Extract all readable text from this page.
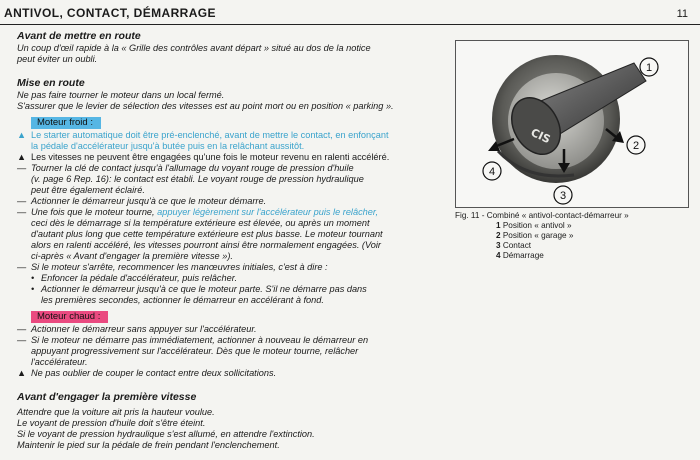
ANTIVOL, CONTACT, DÉMARRAGE	11
Avant de mettre en route
Un coup d'œil rapide à la « Grille des contrôles avant départ » situé au dos de la notice
peut éviter un oubli.
Mise en route
Ne pas faire tourner le moteur dans un local fermé.
S'assurer que le levier de sélection des vitesses est au point mort ou en position « parking ».
Moteur froid :
▲ Le starter automatique doit être pré-enclenché, avant de mettre le contact, en enfonçant
la pédale d'accélérateur jusqu'à butée puis en la relâchant aussitôt.
▲ Les vitesses ne peuvent être engagées qu'une fois le moteur revenu en ralenti accéléré.
— Tourner la clé de contact jusqu'à l'allumage du voyant rouge de pression d'huile
(v. page 6 Rep. 16): le contact est établi. Le voyant rouge de pression hydraulique
peut être également éclairé.
— Actionner le démarreur jusqu'à ce que le moteur démarre.
— Une fois que le moteur tourne, appuyer légèrement sur l'accélérateur puis le relâcher,
ceci dès le démarrage si la température extérieure est élevée, ou après un moment
d'autant plus long que cette température extérieure est plus basse. Le moteur tournant
alors en ralenti accéléré, les vitesses pourront ainsi être normalement engagées. (Voir
ci-après « Avant d'engager la première vitesse »).
— Si le moteur s'arrête, recommencer les manœuvres initiales, c'est à dire :
• Enfoncer la pédale d'accélérateur, puis relâcher.
• Actionner le démarreur jusqu'à ce que le moteur parte. S'il ne démarre pas dans
les premières secondes, actionner le démarreur en accélérant à fond.
Moteur chaud :
— Actionner le démarreur sans appuyer sur l'accélérateur.
— Si le moteur ne démarre pas immédiatement, actionner à nouveau le démarreur en
appuyant progressivement sur l'accélérateur. Dès que le moteur tourne, relâcher
l'accélérateur.
▲ Ne pas oublier de couper le contact entre deux sollicitations.
Avant d'engager la première vitesse
Attendre que la voiture ait pris la hauteur voulue.
Le voyant de pression d'huile doit s'être éteint.
Si le voyant de pression hydraulique s'est allumé, en attendre l'extinction.
Maintenir le pied sur la pédale de frein pendant l'enclenchement.
CIS
1
2
3
4
Fig. 11 - Combiné « antivol-contact-démarreur »
1 Position « antivol »
2 Position « garage »
3 Contact
4 Démarrage
